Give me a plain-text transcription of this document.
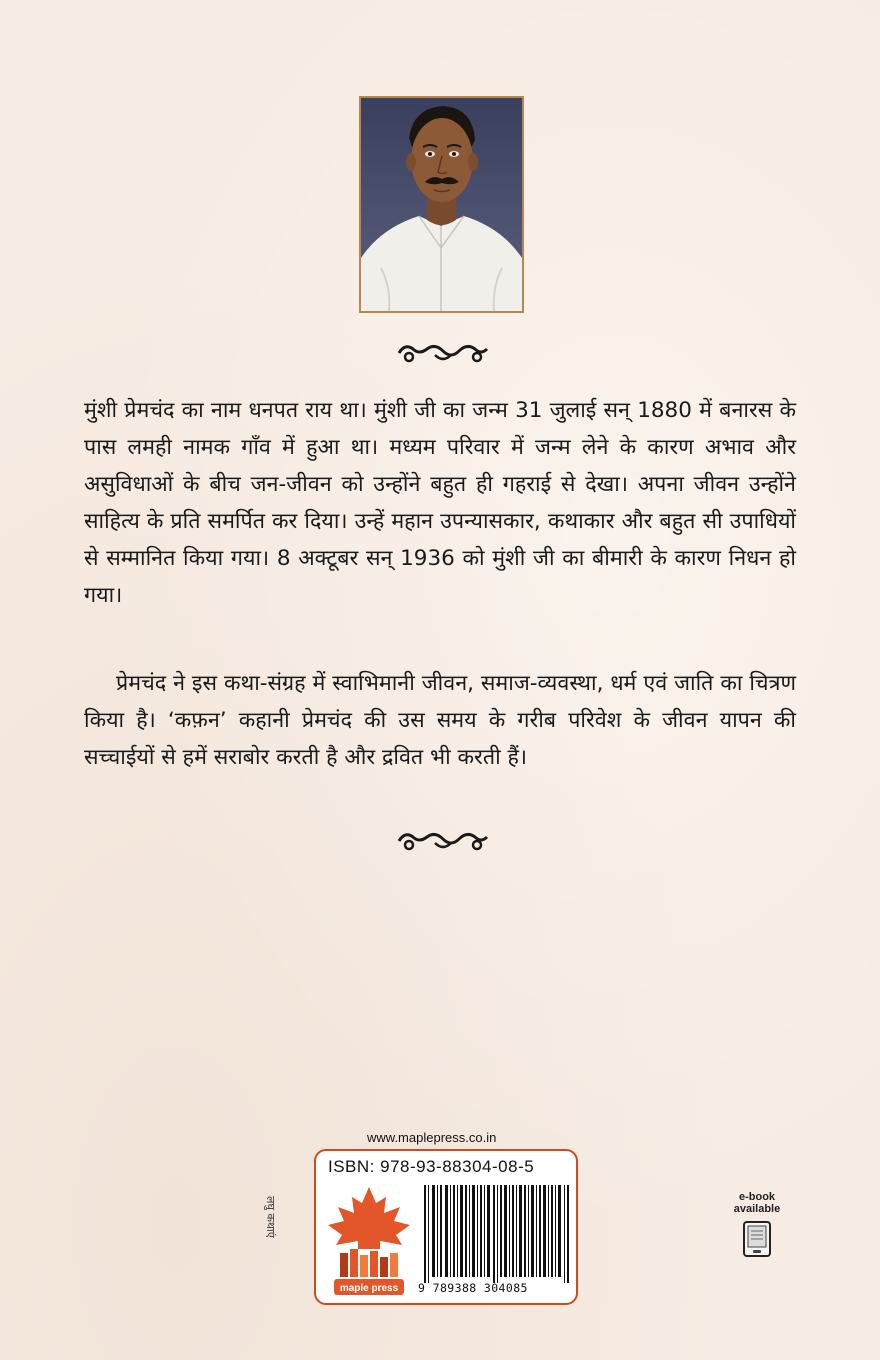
मुंशी प्रेमचंद का नाम धनपत राय था। मुंशी जी का जन्म 31 जुलाई सन् 1880 में बनारस के पास लमही नामक गाँव में हुआ था। मध्यम परिवार में जन्म लेने के कारण अभाव और असुविधाओं के बीच जन-जीवन को उन्होंने बहुत ही गहराई से देखा। अपना जीवन उन्होंने साहित्य के प्रति समर्पित कर दिया। उन्हें महान उपन्यासकार, कथाकार और बहुत सी उपाधियों से सम्मानित किया गया। 8 अक्टूबर सन् 1936 को मुंशी जी का बीमारी के कारण निधन हो गया।

प्रेमचंद ने इस कथा-संग्रह में स्वाभिमानी जीवन, समाज-व्यवस्था, धर्म एवं जाति का चित्रण किया है। ‘कफ़न’ कहानी प्रेमचंद की उस समय के गरीब परिवेश के जीवन यापन की सच्चाईयों से हमें सराबोर करती है और द्रवित भी करती हैं।

www.maplepress.co.in
लघु कथाएं
ISBN: 978-93-88304-08-5
maple press 9 789388 304085
e-book
available
